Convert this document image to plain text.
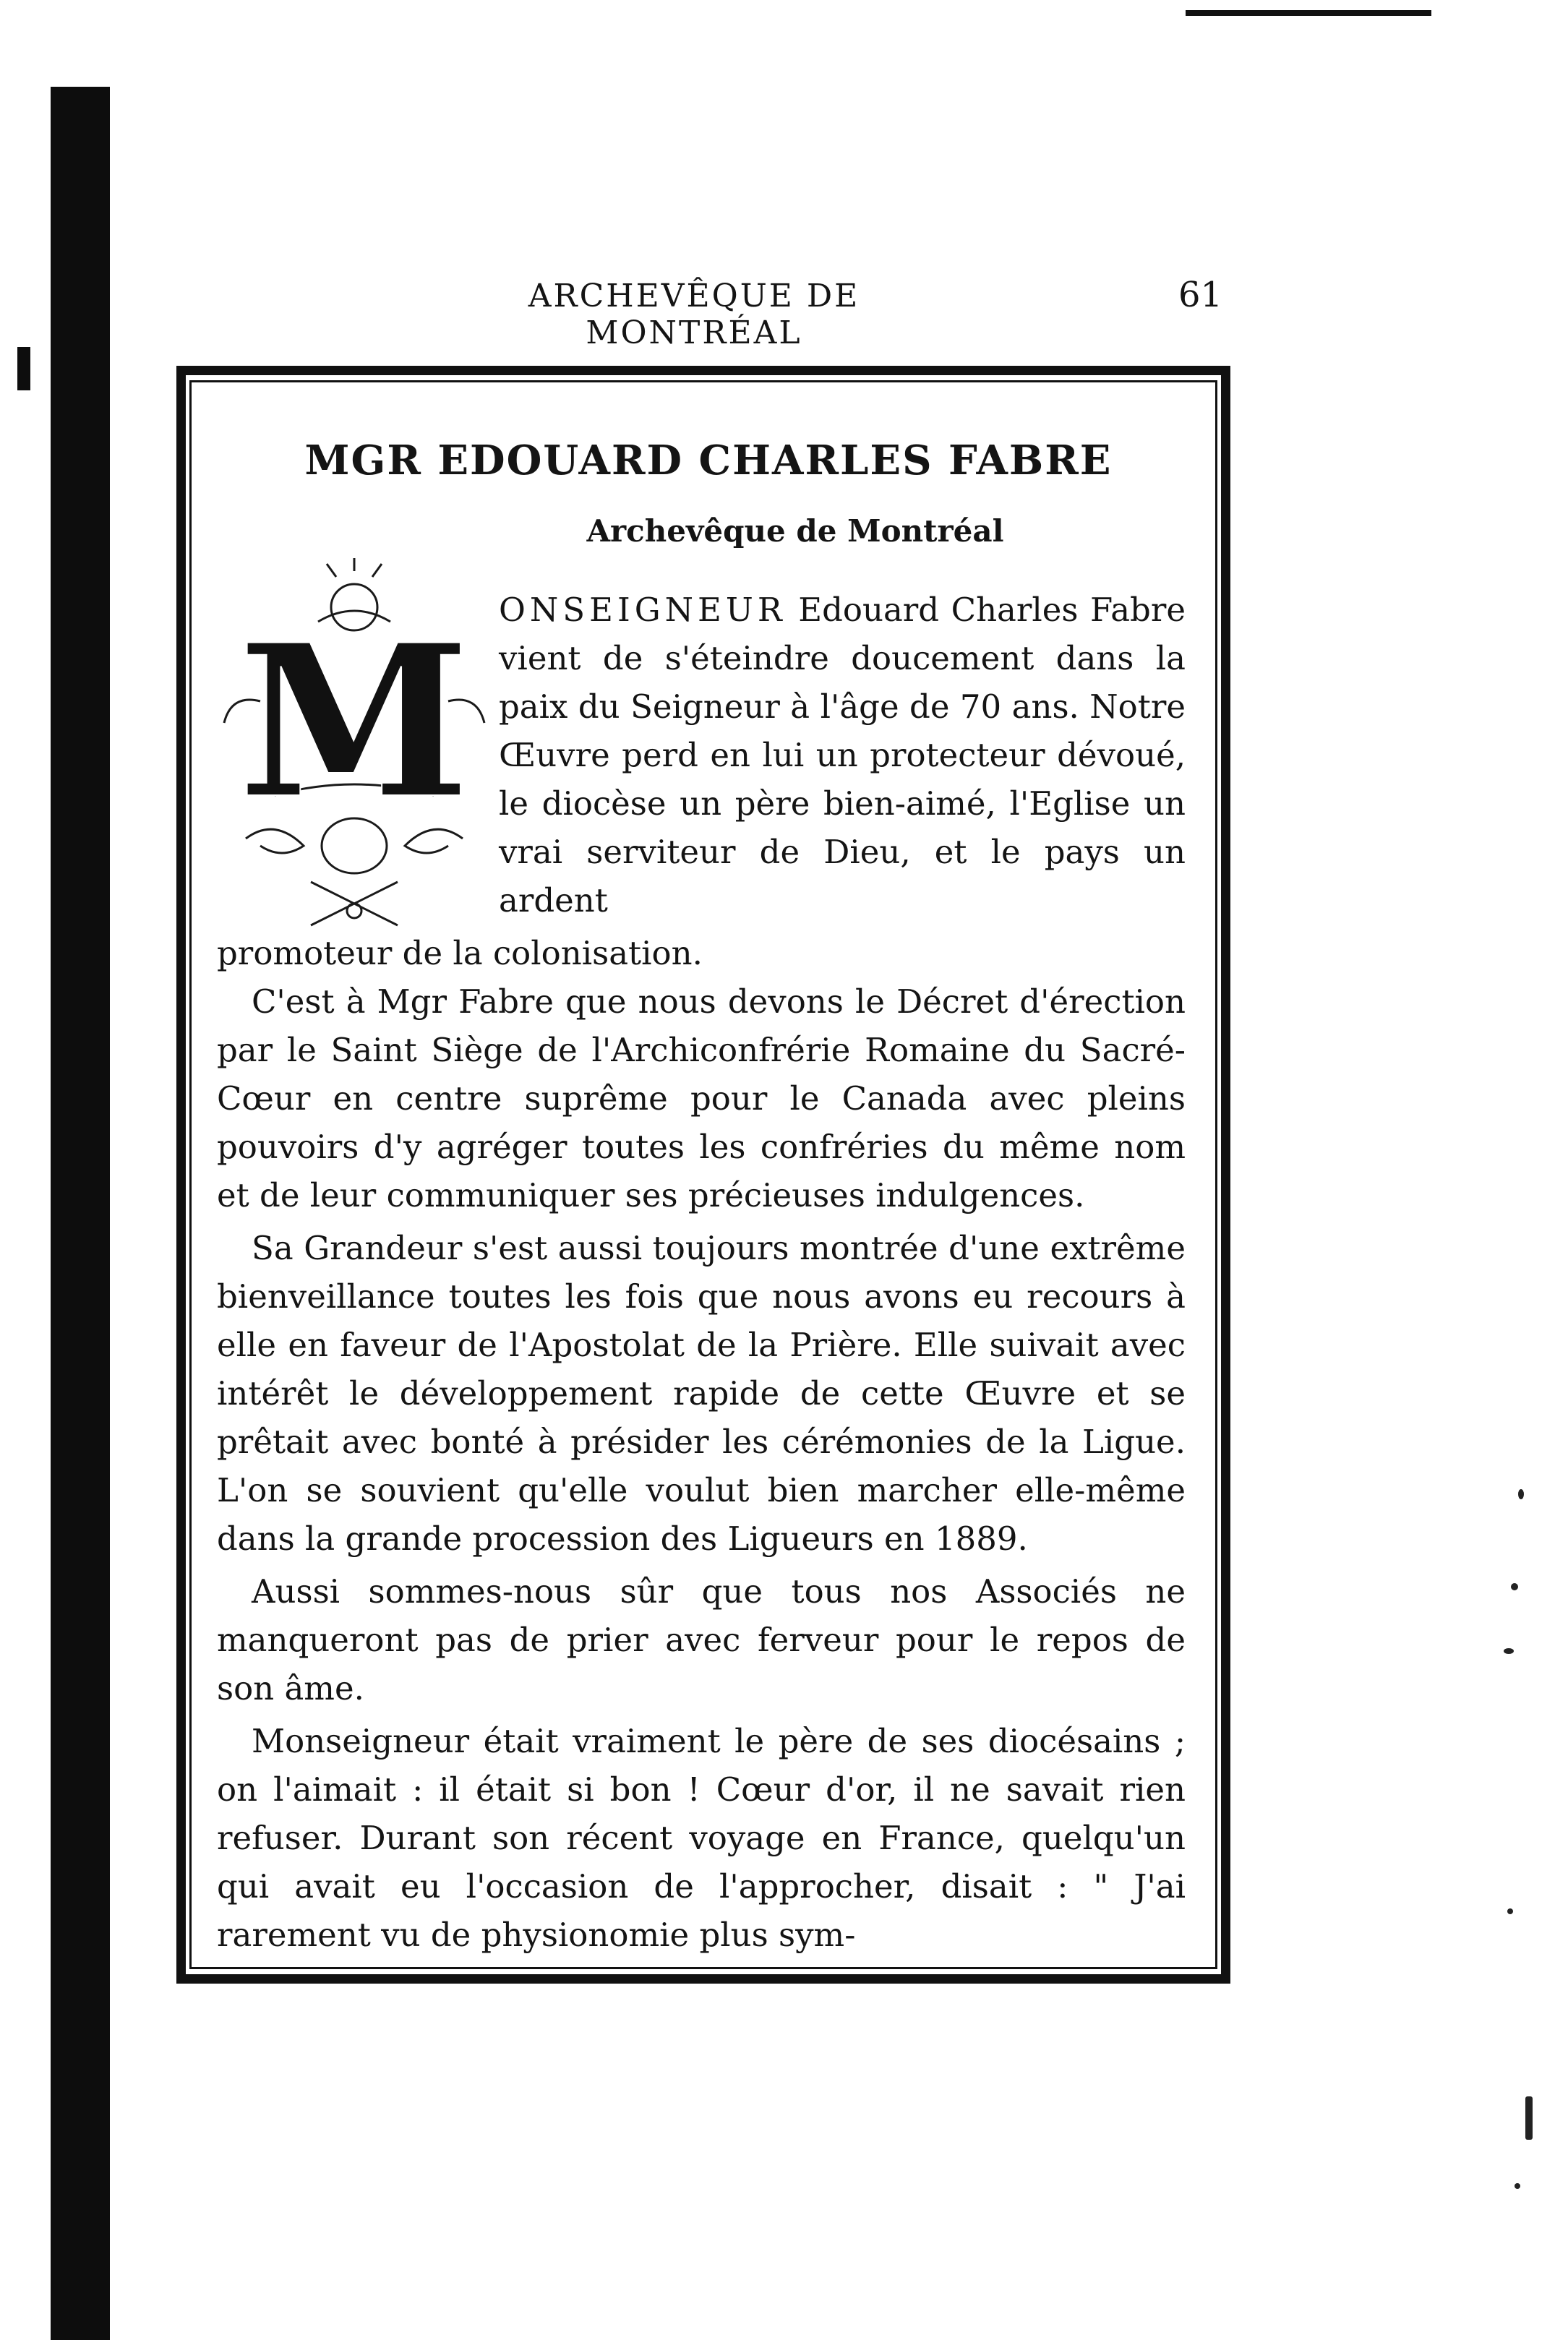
ARCHEVÊQUE DE MONTRÉAL
61
MGR EDOUARD CHARLES FABRE
Archevêque de Montréal
M ONSEIGNEUR Edouard Charles Fabre vient de s'éteindre doucement dans la paix du Seigneur à l'âge de 70 ans. Notre Œuvre perd en lui un protecteur dévoué, le diocèse un père bien-aimé, l'Eglise un vrai serviteur de Dieu, et le pays un ardent

promoteur de la colonisation.

C'est à Mgr Fabre que nous devons le Décret d'érection par le Saint Siège de l'Archiconfrérie Romaine du Sacré-Cœur en centre suprême pour le Canada avec pleins pouvoirs d'y agréger toutes les confréries du même nom et de leur communiquer ses précieuses indulgences.

Sa Grandeur s'est aussi toujours montrée d'une extrême bienveillance toutes les fois que nous avons eu recours à elle en faveur de l'Apostolat de la Prière. Elle suivait avec intérêt le développement rapide de cette Œuvre et se prêtait avec bonté à présider les cérémonies de la Ligue. L'on se souvient qu'elle voulut bien marcher elle-même dans la grande procession des Ligueurs en 1889.

Aussi sommes-nous sûr que tous nos Associés ne manqueront pas de prier avec ferveur pour le repos de son âme.

Monseigneur était vraiment le père de ses diocésains ; on l'aimait : il était si bon ! Cœur d'or, il ne savait rien refuser. Durant son récent voyage en France, quelqu'un qui avait eu l'occasion de l'approcher, disait : " J'ai rarement vu de physionomie plus sym-
